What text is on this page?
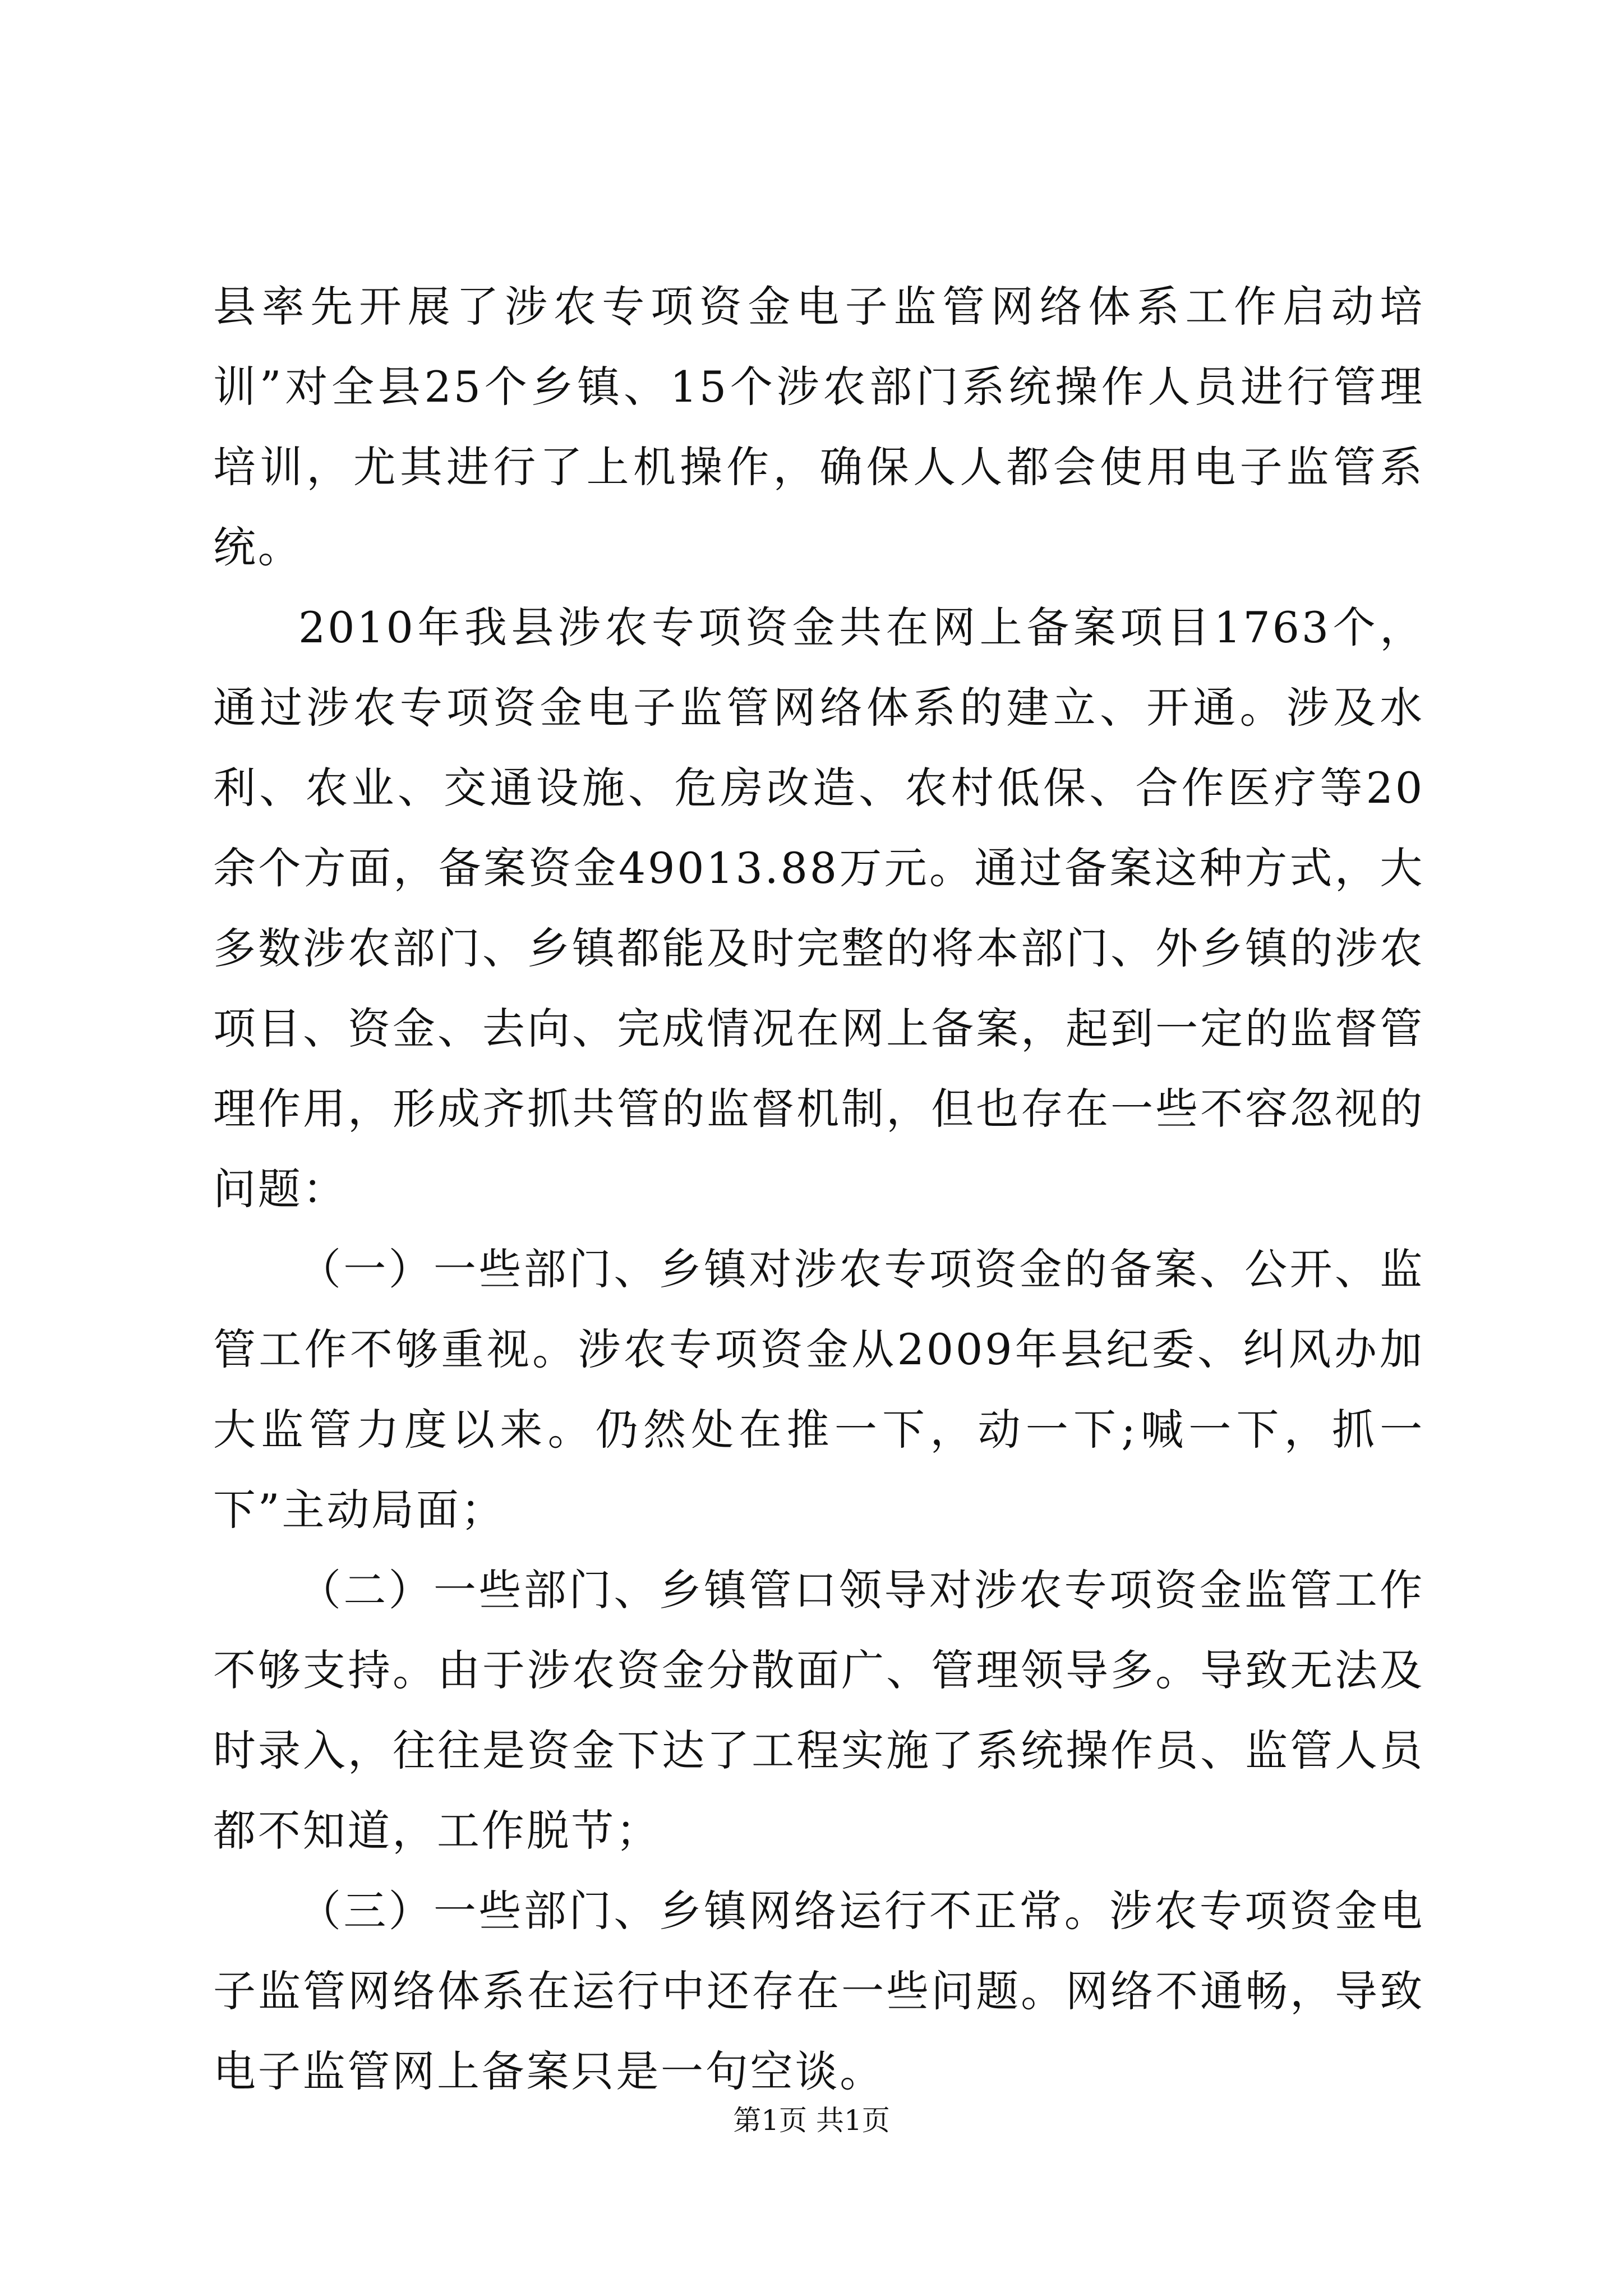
县率先开展了涉农专项资金电子监管网络体系工作启动培训”对全县25个乡镇、15个涉农部门系统操作人员进行管理培训，尤其进行了上机操作，确保人人都会使用电子监管系统。

2010年我县涉农专项资金共在网上备案项目1763个，通过涉农专项资金电子监管网络体系的建立、开通。涉及水利、农业、交通设施、危房改造、农村低保、合作医疗等20余个方面，备案资金49013.88万元。通过备案这种方式，大多数涉农部门、乡镇都能及时完整的将本部门、外乡镇的涉农项目、资金、去向、完成情况在网上备案，起到一定的监督管理作用，形成齐抓共管的监督机制，但也存在一些不容忽视的问题：

（一）一些部门、乡镇对涉农专项资金的备案、公开、监管工作不够重视。涉农专项资金从2009年县纪委、纠风办加大监管力度以来。仍然处在推一下，动一下;喊一下，抓一下”主动局面；

（二）一些部门、乡镇管口领导对涉农专项资金监管工作不够支持。由于涉农资金分散面广、管理领导多。导致无法及时录入，往往是资金下达了工程实施了系统操作员、监管人员都不知道，工作脱节；

（三）一些部门、乡镇网络运行不正常。涉农专项资金电子监管网络体系在运行中还存在一些问题。网络不通畅，导致电子监管网上备案只是一句空谈。

第1页 共1页
